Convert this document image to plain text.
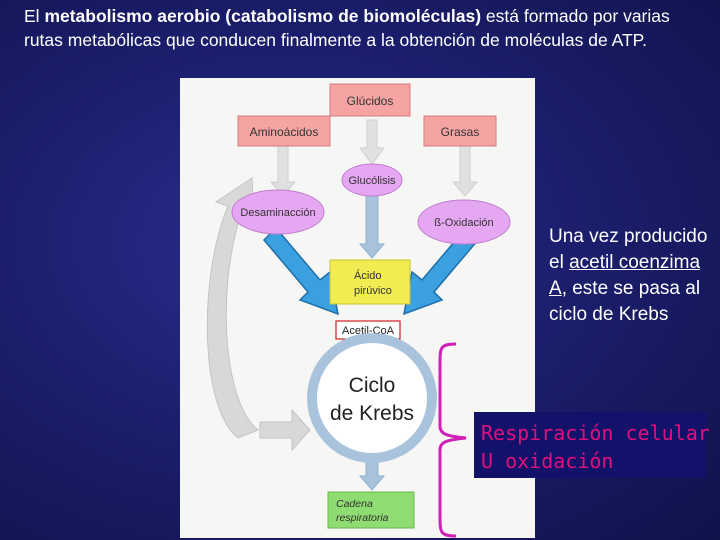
El metabolismo aerobio (catabolismo de biomoléculas) está formado por varias rutas metabólicas que conducen finalmente a la obtención de moléculas de ATP.
Glúcidos
Aminoácidos	Grasas
Glucólisis
Desaminacción
ß-Oxidación
Ácido
pirúvico
Acetil-CoA
Ciclo
de Krebs
Cadena
respiratoria
Una vez producido el acetil coenzima A, este se pasa al ciclo de Krebs
Respiración celular
U oxidación
